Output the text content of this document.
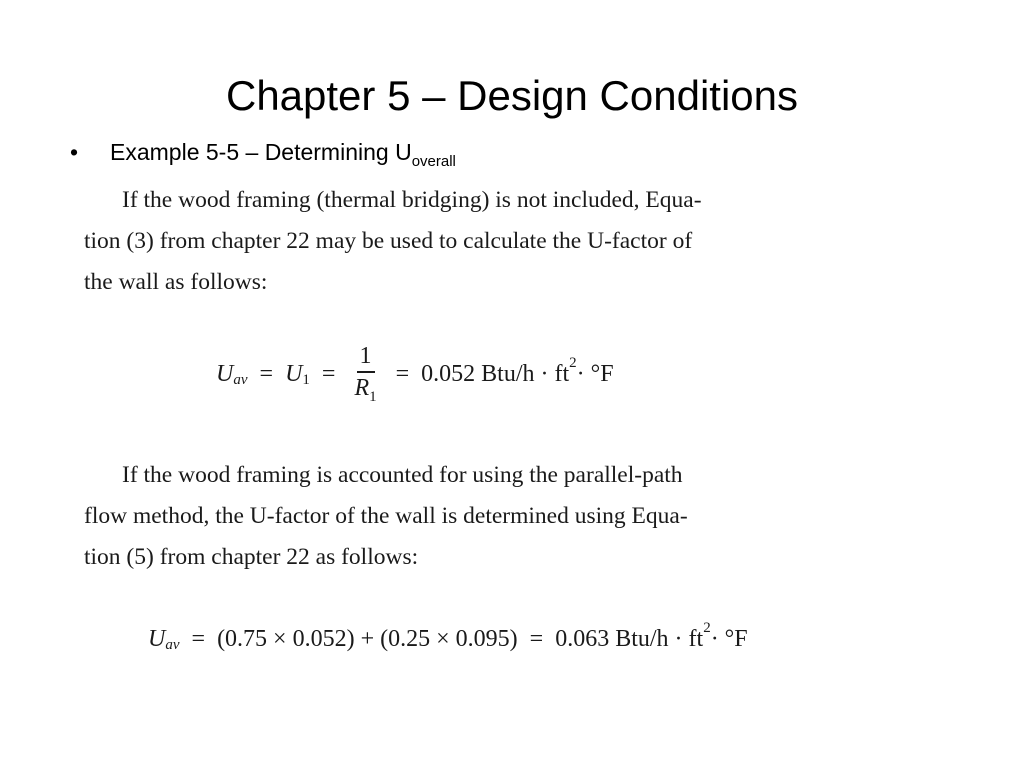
Chapter 5 – Design Conditions
• Example 5-5 – Determining $U_{overall}$
If the wood framing (thermal bridging) is not included, Equa-
tion (3) from chapter 22 may be used to calculate the U-factor of
the wall as follows:
U av = U $1 = \frac{1}{R_1} = 0.052$ Btu/h · ft 2 · °F
If the wood framing is accounted for using the parallel-path
flow method, the U-factor of the wall is determined using Equa-
tion (5) from chapter 22 as follows:
U av = (0.75 × 0.052) + (0.25 × 0.095) = 0.063 Btu/h · ft 2 · °F
